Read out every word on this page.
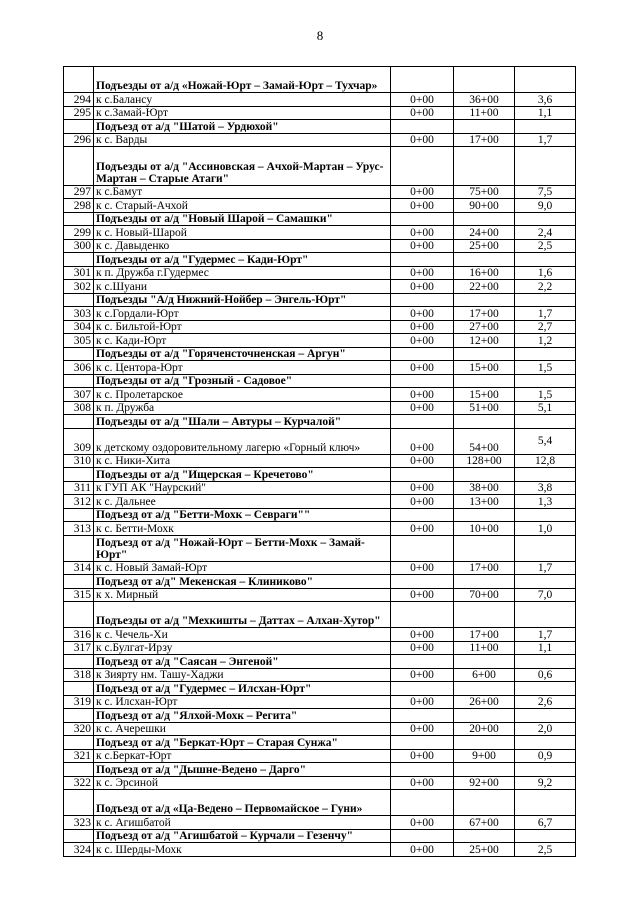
8
	Подъезды от а/д «Ножай-Юрт – Замай-Юрт – Тухчар»			
294	к с.Баланcу	0+00	36+00	3,6
295	к с.Замай-Юрт	0+00	11+00	1,1
	Подъезд от а/д "Шатой – Урдюхой"			
296	к с. Варды	0+00	17+00	1,7
	Подъезды от а/д "Ассиновская – Ачхой-Мартан – Урус-Мартан – Старые Атаги"			
297	к с.Бамут	0+00	75+00	7,5
298	к с. Старый-Ачхой	0+00	90+00	9,0
	Подъезды от а/д "Новый Шарой – Самашки"			
299	к с. Новый-Шарой	0+00	24+00	2,4
300	к с. Давыденко	0+00	25+00	2,5
	Подъезды от а/д "Гудермес – Кади-Юрт"			
301	к п. Дружба г.Гудермес	0+00	16+00	1,6
302	к с.Шуани	0+00	22+00	2,2
	Подъезды "А/д Нижний-Нойбер – Энгель-Юрт"			
303	к с.Гордали-Юрт	0+00	17+00	1,7
304	к с. Бильтой-Юрт	0+00	27+00	2,7
305	к с. Кади-Юрт	0+00	12+00	1,2
	Подъезды от а/д "Горяченсточненская – Аргун"			
306	к с. Центора-Юрт	0+00	15+00	1,5
	Подъезды от а/д "Грозный - Садовое"			
307	к с. Пролетарское	0+00	15+00	1,5
308	к п. Дружба	0+00	51+00	5,1
	Подъезды от а/д "Шали – Автуры – Курчалой"			
309	к детскому оздоровительному лагерю «Горный ключ»	0+00	54+00	5,4
310	к с. Ники-Хита	0+00	128+00	12,8
	Подъезды от а/д "Ищерская – Кречетово"			
311	к ГУП АК "Наурский"	0+00	38+00	3,8
312	к с. Дальнее	0+00	13+00	1,3
	Подъезд от а/д "Бетти-Мохк – Севраги""			
313	к с. Бетти-Мохк	0+00	10+00	1,0
	Подъезд от а/д "Ножай-Юрт – Бетти-Мохк – Замай-Юрт"			
314	к с. Новый Замай-Юрт	0+00	17+00	1,7
	Подъезд от а/д" Мекенская – Клиниково"			
315	к х. Мирный	0+00	70+00	7,0
	Подъезды от а/д "Мехкишты – Даттах – Алхан-Хутор"			
316	к с. Чечель-Хи	0+00	17+00	1,7
317	к с.Булгат-Ирзу	0+00	11+00	1,1
	Подъезд от а/д "Саясан – Энгеной"			
318	к Зиярту нм. Ташу-Хаджи	0+00	6+00	0,6
	Подъезд от а/д "Гудермес – Илсхан-Юрт"			
319	к с. Илсхан-Юрт	0+00	26+00	2,6
	Подъезд от а/д "Ялхой-Мохк – Регита"			
320	к с. Ачерешки	0+00	20+00	2,0
	Подъезд от а/д "Беркат-Юрт – Старая Сунжа"			
321	к с.Беркат-Юрт	0+00	9+00	0,9
	Подъезд от а/д "Дышне-Ведено – Дарго"			
322	к с. Эрсиной	0+00	92+00	9,2
	Подъезд от а/д «Ца-Ведено – Первомайское – Гуни»			
323	к с. Агишбатой	0+00	67+00	6,7
	Подъезд от а/д "Агишбатой – Курчали – Гезенчу"			
324	к с. Шерды-Мохк	0+00	25+00	2,5
